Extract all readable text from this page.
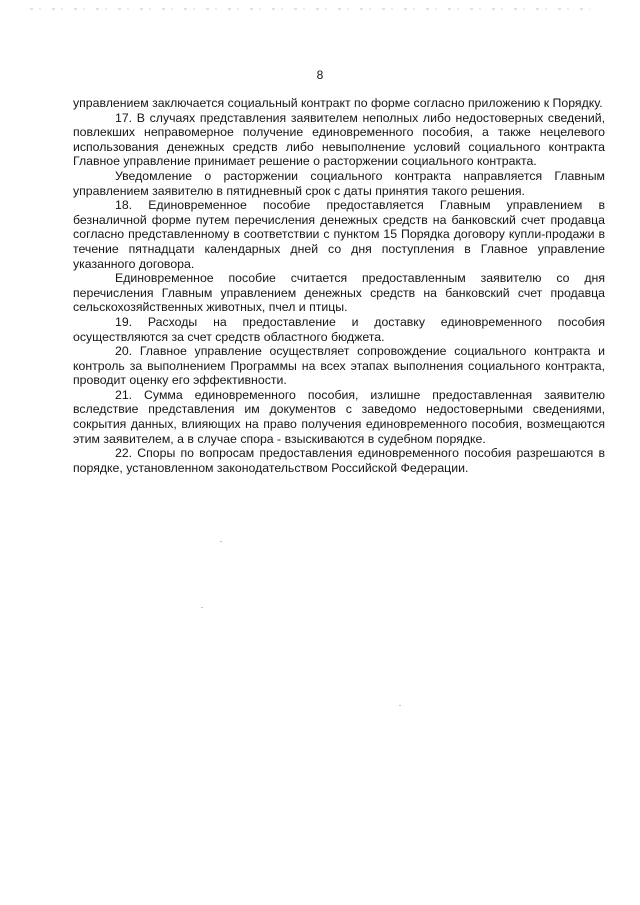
8

управлением заключается социальный контракт по форме согласно приложению к Порядку.

17. В случаях представления заявителем неполных либо недостоверных сведений, повлекших неправомерное получение единовременного пособия, а также нецелевого использования денежных средств либо невыполнение условий социального контракта Главное управление принимает решение о расторжении социального контракта.

Уведомление о расторжении социального контракта направляется Главным управлением заявителю в пятидневный срок с даты принятия такого решения.

18. Единовременное пособие предоставляется Главным управлением в безналичной форме путем перечисления денежных средств на банковский счет продавца согласно представленному в соответствии с пунктом 15 Порядка договору купли-продажи в течение пятнадцати календарных дней со дня поступления в Главное управление указанного договора.

Единовременное пособие считается предоставленным заявителю со дня перечисления Главным управлением денежных средств на банковский счет продавца сельскохозяйственных животных, пчел и птицы.

19. Расходы на предоставление и доставку единовременного пособия осуществляются за счет средств областного бюджета.

20. Главное управление осуществляет сопровождение социального контракта и контроль за выполнением Программы на всех этапах выполнения социального контракта, проводит оценку его эффективности.

21. Сумма единовременного пособия, излишне предоставленная заявителю вследствие представления им документов с заведомо недостоверными сведениями, сокрытия данных, влияющих на право получения единовременного пособия, возмещаются этим заявителем, а в случае спора - взыскиваются в судебном порядке.

22. Споры по вопросам предоставления единовременного пособия разрешаются в порядке, установленном законодательством Российской Федерации.
